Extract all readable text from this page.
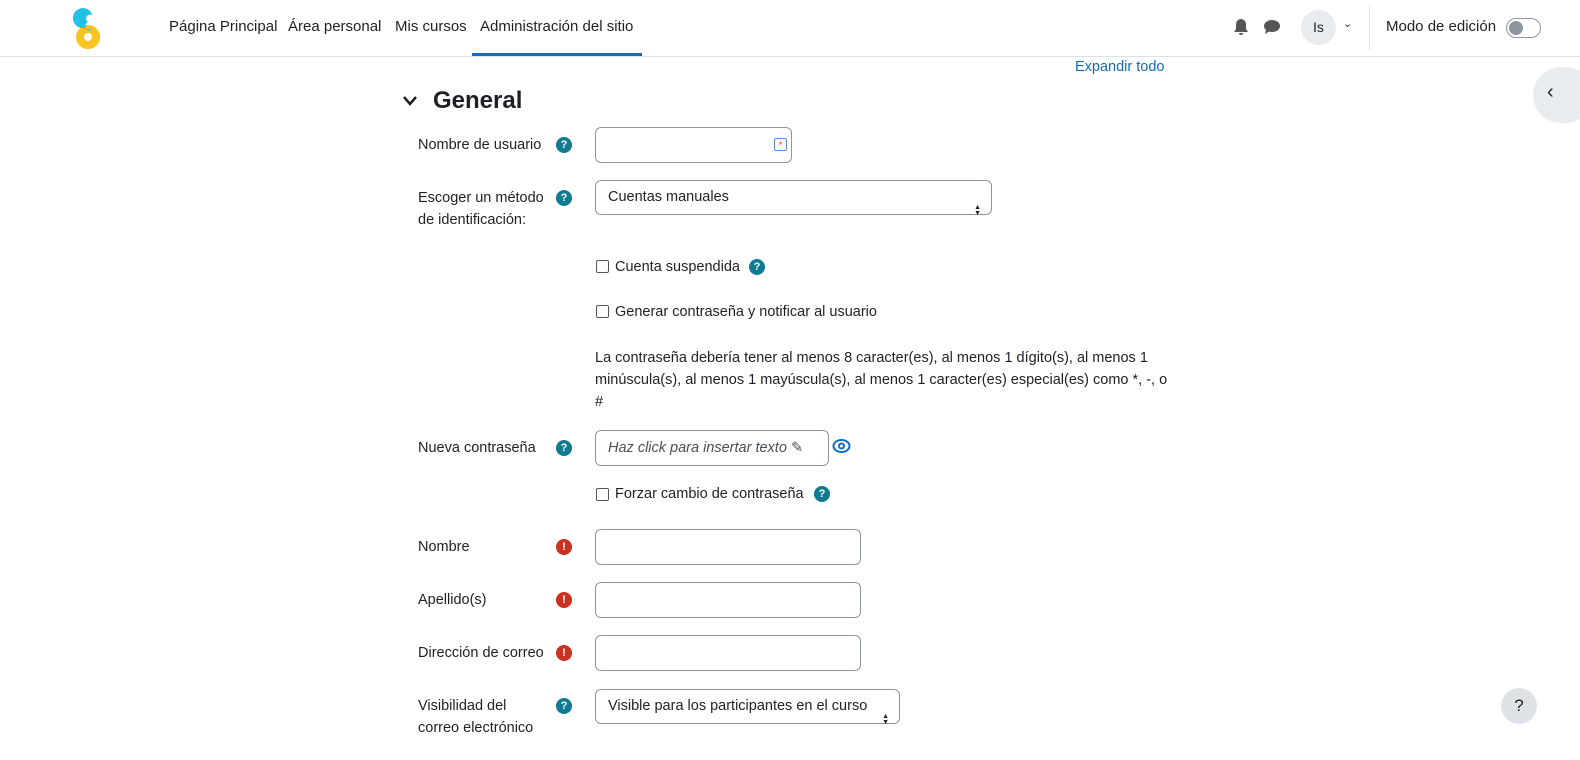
Página Principal Área personal Mis cursos Administración del sitio	Is	⌄ Modo de edición
‹
Expandir todo
General
Nombre de usuario	?	*
Escoger un método
de identificación:
?	Cuentas manuales

Cuenta suspendida	?
Generar contraseña y notificar al usuario
La contraseña debería tener al menos 8 caracter(es), al menos 1 dígito(s), al menos 1
minúscula(s), al menos 1 mayúscula(s), al menos 1 caracter(es) especial(es) como *, -, o
#
Nueva contraseña	?	Haz click para insertar texto ✎
Forzar cambio de contraseña	?
Nombre	!
Apellido(s)	!
Dirección de correo	!
Visibilidad del
correo electrónico
?	Visible para los participantes en el curso	?
